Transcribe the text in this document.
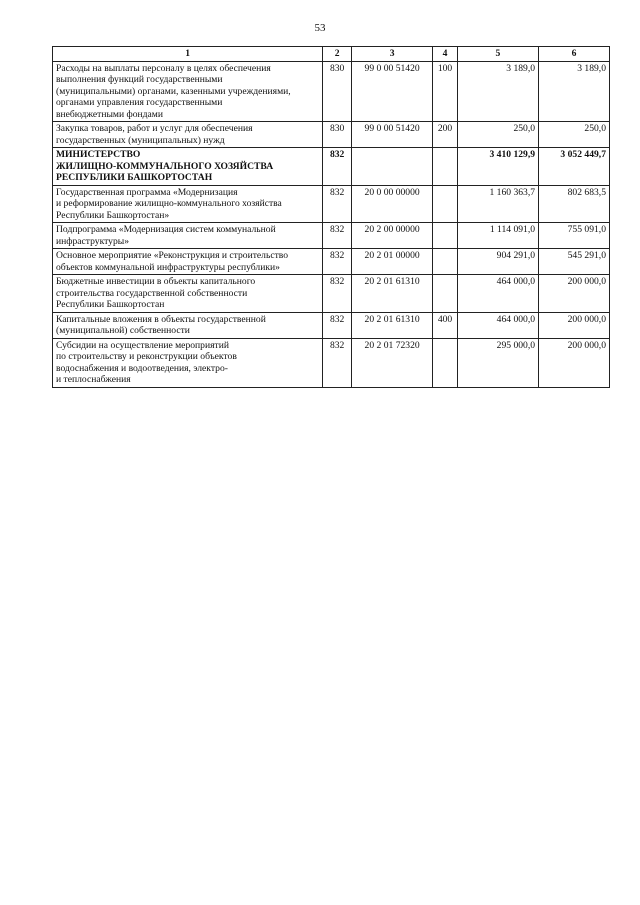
53
1	2	3	4	5	6
Расходы на выплаты персоналу в целях обеспечения
выполнения функций государственными
(муниципальными) органами, казенными учреждениями,
органами управления государственными
внебюджетными фондами	830	99 0 00 51420	100	3 189,0	3 189,0
Закупка товаров, работ и услуг для обеспечения
государственных (муниципальных) нужд	830	99 0 00 51420	200	250,0	250,0
МИНИСТЕРСТВО
ЖИЛИЩНО-КОММУНАЛЬНОГО ХОЗЯЙСТВА
РЕСПУБЛИКИ БАШКОРТОСТАН	832			3 410 129,9	3 052 449,7
Государственная программа «Модернизация
и реформирование жилищно-коммунального хозяйства
Республики Башкортостан»	832	20 0 00 00000		1 160 363,7	802 683,5
Подпрограмма «Модернизация систем коммунальной
инфраструктуры»	832	20 2 00 00000		1 114 091,0	755 091,0
Основное мероприятие «Реконструкция и строительство
объектов коммунальной инфраструктуры республики»	832	20 2 01 00000		904 291,0	545 291,0
Бюджетные инвестиции в объекты капитального
строительства государственной собственности
Республики Башкортостан	832	20 2 01 61310		464 000,0	200 000,0
Капитальные вложения в объекты государственной
(муниципальной) собственности	832	20 2 01 61310	400	464 000,0	200 000,0
Субсидии на осуществление мероприятий
по строительству и реконструкции объектов
водоснабжения и водоотведения, электро-
и теплоснабжения	832	20 2 01 72320		295 000,0	200 000,0
